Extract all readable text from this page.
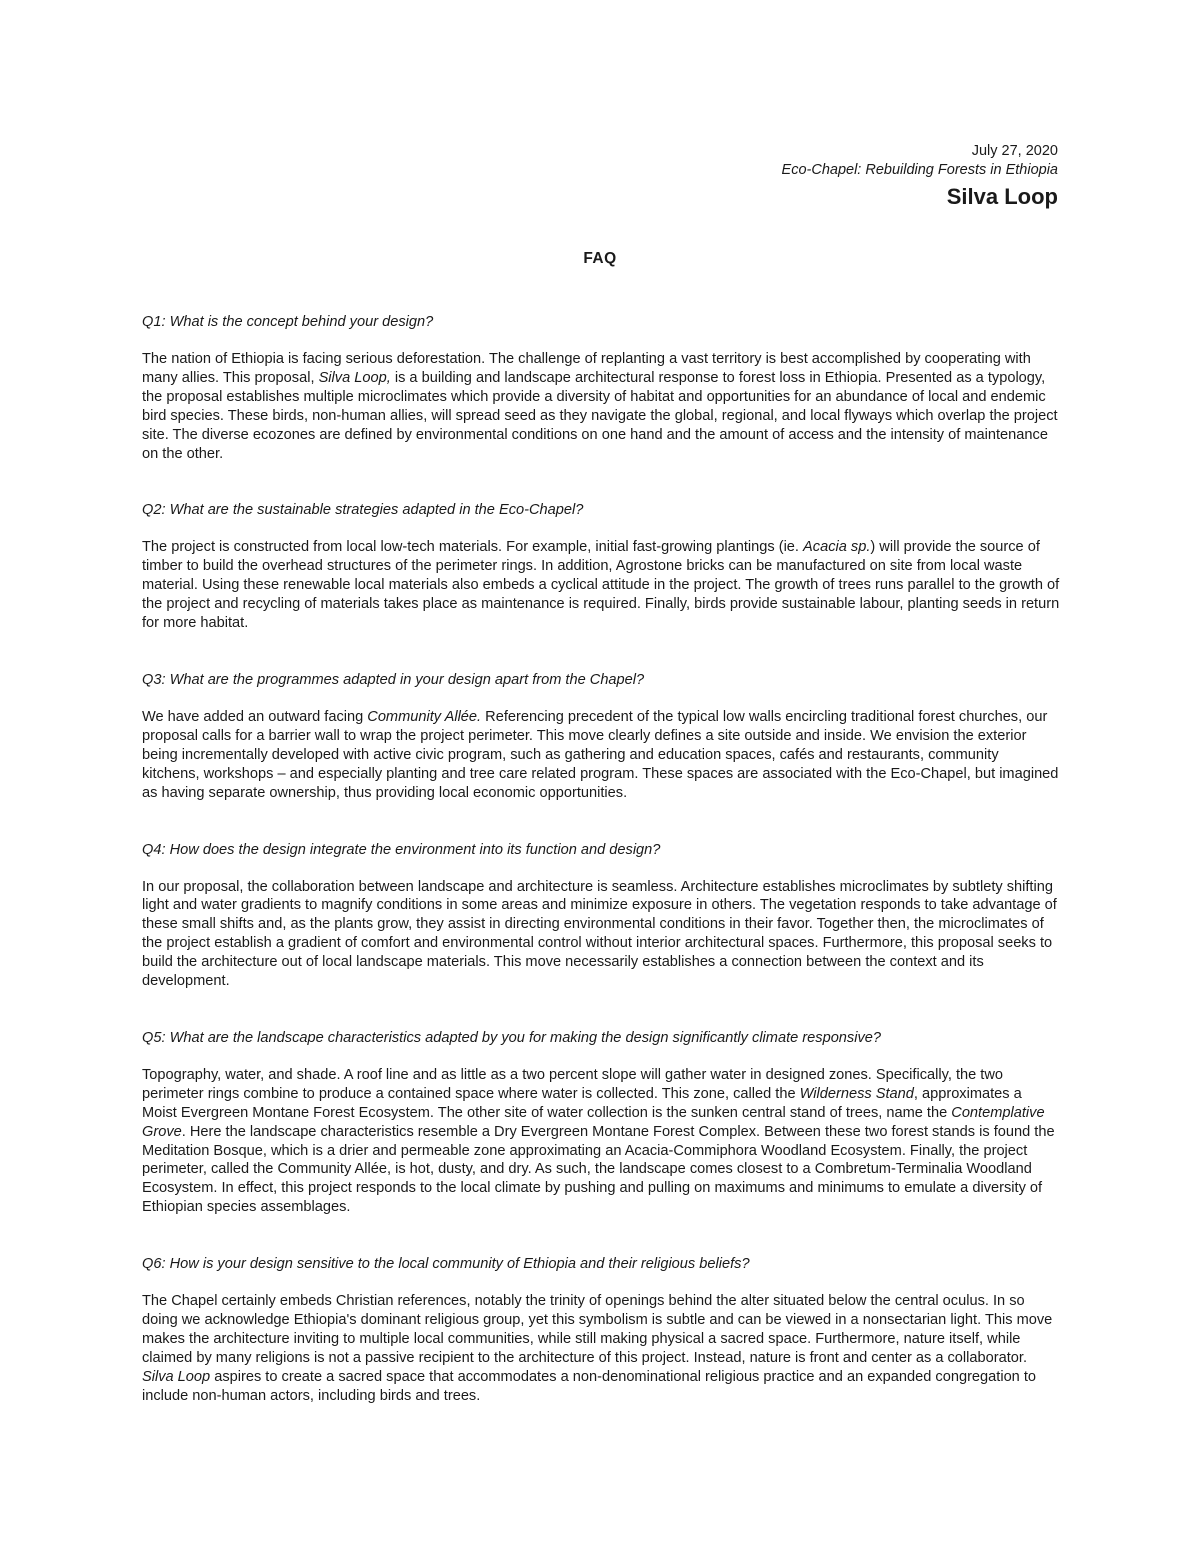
July 27, 2020
Eco-Chapel: Rebuilding Forests in Ethiopia
Silva Loop
FAQ

Q1: What is the concept behind your design?

The nation of Ethiopia is facing serious deforestation. The challenge of replanting a vast territory is best accomplished by cooperating with many allies. This proposal, Silva Loop, is a building and landscape architectural response to forest loss in Ethiopia. Presented as a typology, the proposal establishes multiple microclimates which provide a diversity of habitat and opportunities for an abundance of local and endemic bird species. These birds, non-human allies, will spread seed as they navigate the global, regional, and local flyways which overlap the project site. The diverse ecozones are defined by environmental conditions on one hand and the amount of access and the intensity of maintenance on the other.

Q2: What are the sustainable strategies adapted in the Eco-Chapel?

The project is constructed from local low-tech materials. For example, initial fast-growing plantings (ie. Acacia sp.) will provide the source of timber to build the overhead structures of the perimeter rings. In addition, Agrostone bricks can be manufactured on site from local waste material. Using these renewable local materials also embeds a cyclical attitude in the project. The growth of trees runs parallel to the growth of the project and recycling of materials takes place as maintenance is required. Finally, birds provide sustainable labour, planting seeds in return for more habitat.

Q3: What are the programmes adapted in your design apart from the Chapel?

We have added an outward facing Community Allée. Referencing precedent of the typical low walls encircling traditional forest churches, our proposal calls for a barrier wall to wrap the project perimeter. This move clearly defines a site outside and inside. We envision the exterior being incrementally developed with active civic program, such as gathering and education spaces, cafés and restaurants, community kitchens, workshops – and especially planting and tree care related program. These spaces are associated with the Eco-Chapel, but imagined as having separate ownership, thus providing local economic opportunities.

Q4: How does the design integrate the environment into its function and design?

In our proposal, the collaboration between landscape and architecture is seamless. Architecture establishes microclimates by subtlety shifting light and water gradients to magnify conditions in some areas and minimize exposure in others. The vegetation responds to take advantage of these small shifts and, as the plants grow, they assist in directing environmental conditions in their favor. Together then, the microclimates of the project establish a gradient of comfort and environmental control without interior architectural spaces. Furthermore, this proposal seeks to build the architecture out of local landscape materials. This move necessarily establishes a connection between the context and its development.

Q5: What are the landscape characteristics adapted by you for making the design significantly climate responsive?

Topography, water, and shade. A roof line and as little as a two percent slope will gather water in designed zones. Specifically, the two perimeter rings combine to produce a contained space where water is collected. This zone, called the Wilderness Stand, approximates a Moist Evergreen Montane Forest Ecosystem. The other site of water collection is the sunken central stand of trees, name the Contemplative Grove. Here the landscape characteristics resemble a Dry Evergreen Montane Forest Complex. Between these two forest stands is found the Meditation Bosque, which is a drier and permeable zone approximating an Acacia-Commiphora Woodland Ecosystem. Finally, the project perimeter, called the Community Allée, is hot, dusty, and dry. As such, the landscape comes closest to a Combretum-Terminalia Woodland Ecosystem. In effect, this project responds to the local climate by pushing and pulling on maximums and minimums to emulate a diversity of Ethiopian species assemblages.

Q6: How is your design sensitive to the local community of Ethiopia and their religious beliefs?

The Chapel certainly embeds Christian references, notably the trinity of openings behind the alter situated below the central oculus. In so doing we acknowledge Ethiopia's dominant religious group, yet this symbolism is subtle and can be viewed in a nonsectarian light. This move makes the architecture inviting to multiple local communities, while still making physical a sacred space. Furthermore, nature itself, while claimed by many religions is not a passive recipient to the architecture of this project. Instead, nature is front and center as a collaborator. Silva Loop aspires to create a sacred space that accommodates a non-denominational religious practice and an expanded congregation to include non-human actors, including birds and trees.
